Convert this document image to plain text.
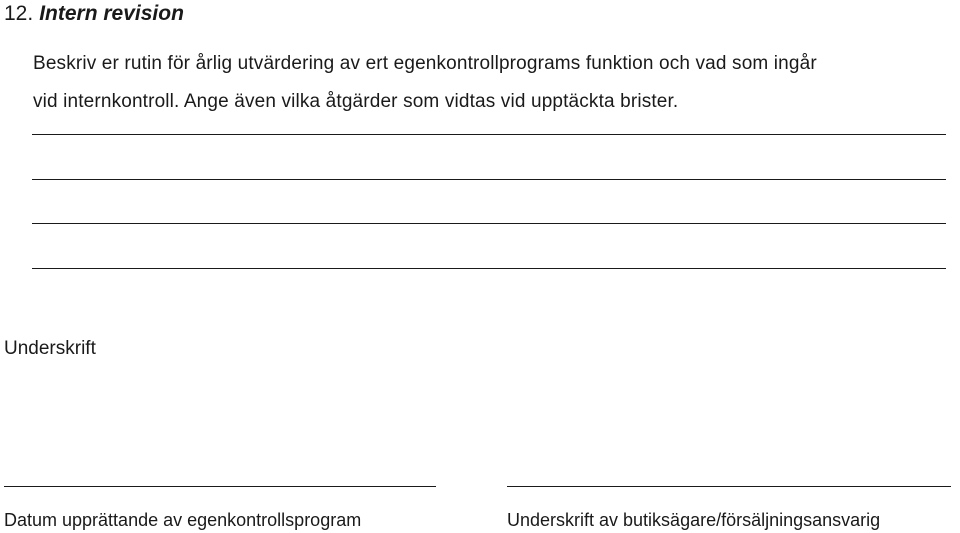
12. Intern revision
Beskriv er rutin för årlig utvärdering av ert egenkontrollprograms funktion och vad som ingår
vid internkontroll. Ange även vilka åtgärder som vidtas vid upptäckta brister.
Underskrift
Datum upprättande av egenkontrollsprogram	Underskrift av butiksägare/försäljningsansvarig
